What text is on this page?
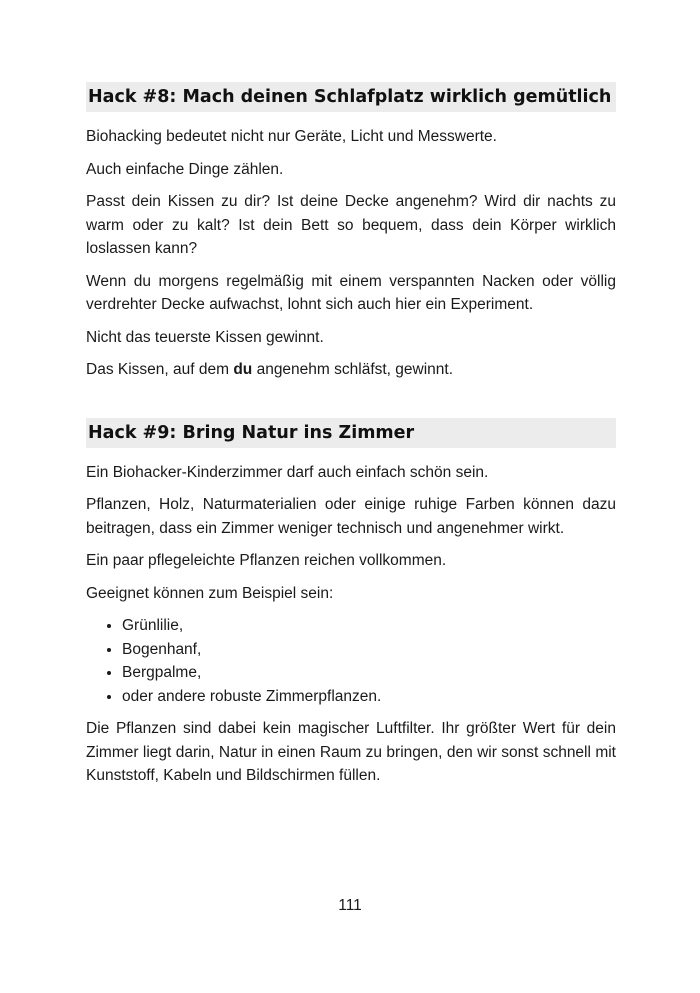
Hack #8: Mach deinen Schlafplatz wirklich gemütlich

Biohacking bedeutet nicht nur Geräte, Licht und Messwerte.

Auch einfache Dinge zählen.

Passt dein Kissen zu dir? Ist deine Decke angenehm? Wird dir nachts zu warm oder zu kalt? Ist dein Bett so bequem, dass dein Körper wirklich loslassen kann?

Wenn du morgens regelmäßig mit einem verspannten Nacken oder völlig verdrehter Decke aufwachst, lohnt sich auch hier ein Experiment.

Nicht das teuerste Kissen gewinnt.

Das Kissen, auf dem du angenehm schläfst, gewinnt.

Hack #9: Bring Natur ins Zimmer

Ein Biohacker-Kinderzimmer darf auch einfach schön sein.

Pflanzen, Holz, Naturmaterialien oder einige ruhige Farben können dazu beitragen, dass ein Zimmer weniger technisch und angenehmer wirkt.

Ein paar pflegeleichte Pflanzen reichen vollkommen.

Geeignet können zum Beispiel sein:

• Grünlilie,
• Bogenhanf,
• Bergpalme,
• oder andere robuste Zimmerpflanzen.

Die Pflanzen sind dabei kein magischer Luftfilter. Ihr größter Wert für dein Zimmer liegt darin, Natur in einen Raum zu bringen, den wir sonst schnell mit Kunststoff, Kabeln und Bildschirmen füllen.

111
